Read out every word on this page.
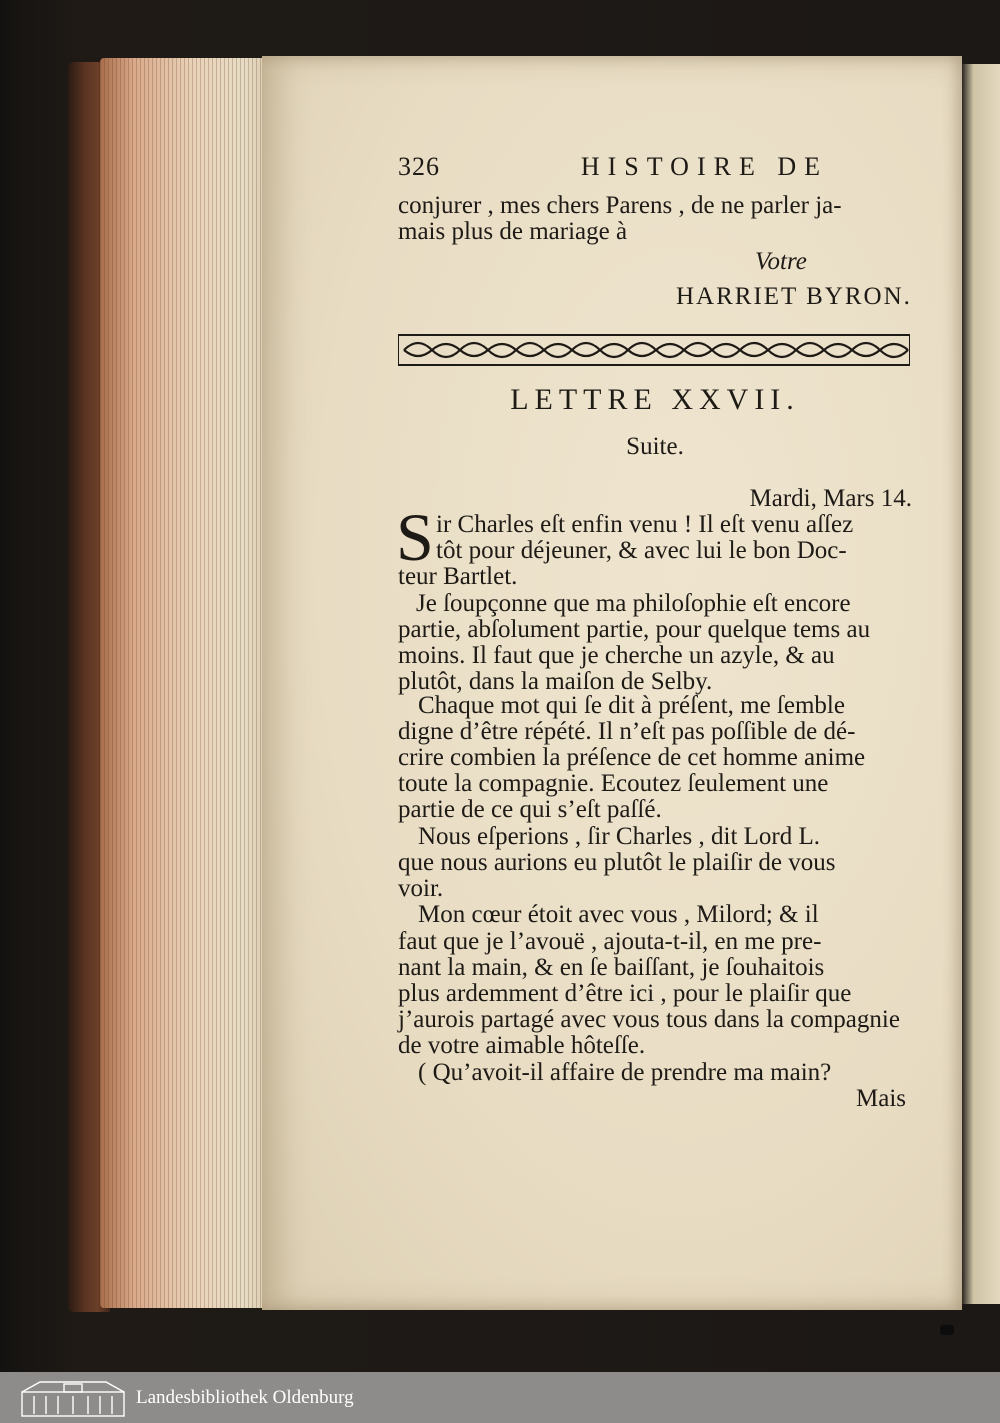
326	HISTOIRE DE
conjurer , mes chers Parens , de ne parler ja-
mais plus de mariage à
Votre
HARRIET BYRON.
LETTRE XXVII.
Suite.
Mardi, Mars 14.
S ir Charles eſt enfin venu ! Il eſt venu aſſez
tôt pour déjeuner, & avec lui le bon Doc-
teur Bartlet.
Je ſoupçonne que ma philoſophie eſt encore
partie, abſolument partie, pour quelque tems au
moins. Il faut que je cherche un azyle, & au
plutôt, dans la maiſon de Selby.
Chaque mot qui ſe dit à préſent, me ſemble
digne d’être répété. Il n’eſt pas poſſible de dé-
crire combien la préſence de cet homme anime
toute la compagnie. Ecoutez ſeulement une
partie de ce qui s’eſt paſſé.
Nous eſperions , ſir Charles , dit Lord L.
que nous aurions eu plutôt le plaiſir de vous
voir.
Mon cœur étoit avec vous , Milord; & il
faut que je l’avouë , ajouta-t-il, en me pre-
nant la main, & en ſe baiſſant, je ſouhaitois
plus ardemment d’être ici , pour le plaiſir que
j’aurois partagé avec vous tous dans la compagnie
de votre aimable hôteſſe.
( Qu’avoit-il affaire de prendre ma main?
Mais
Landesbibliothek Oldenburg
